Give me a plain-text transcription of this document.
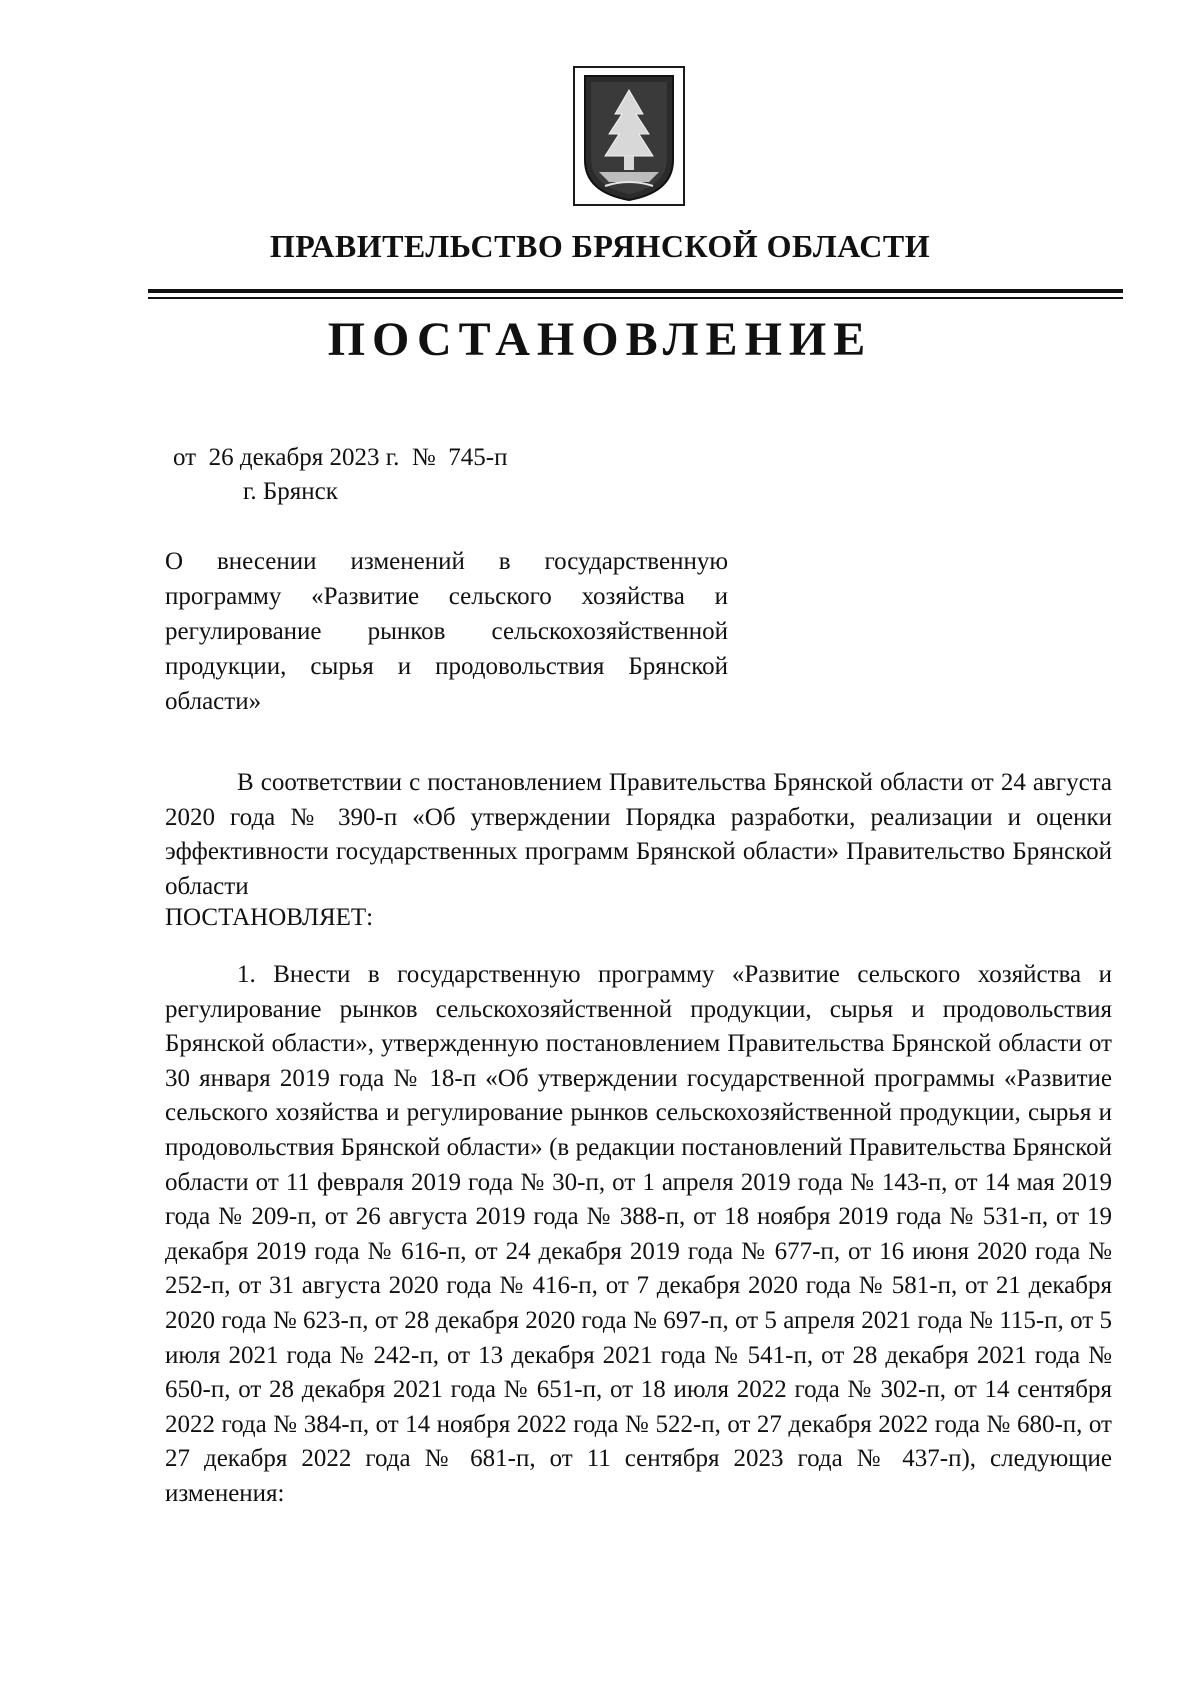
ПРАВИТЕЛЬСТВО БРЯНСКОЙ ОБЛАСТИ
ПОСТАНОВЛЕНИЕ
от  26 декабря 2023 г.  №  745-п
г. Брянск
О внесении изменений в государственную программу «Развитие сельского хозяйства и регулирование рынков сельскохозяйственной продукции, сырья и продовольствия Брянской области»
В соответствии с постановлением Правительства Брянской области от 24 августа 2020 года № 390-п «Об утверждении Порядка разработки, реализации и оценки эффективности государственных программ Брянской области» Правительство Брянской области
ПОСТАНОВЛЯЕТ:
1. Внести в государственную программу «Развитие сельского хозяйства и регулирование рынков сельскохозяйственной продукции, сырья и продовольствия Брянской области», утвержденную постановлением Правительства Брянской области от 30 января 2019 года № 18-п «Об утверждении государственной программы «Развитие сельского хозяйства и регулирование рынков сельскохозяйственной продукции, сырья и продовольствия Брянской области» (в редакции постановлений Правительства Брянской области от 11 февраля 2019 года № 30-п, от 1 апреля 2019 года № 143-п, от 14 мая 2019 года № 209-п, от 26 августа 2019 года № 388-п, от 18 ноября 2019 года № 531-п, от 19 декабря 2019 года № 616-п, от 24 декабря 2019 года № 677-п, от 16 июня 2020 года № 252-п, от 31 августа 2020 года № 416-п, от 7 декабря 2020 года № 581-п, от 21 декабря 2020 года № 623-п, от 28 декабря 2020 года № 697-п, от 5 апреля 2021 года № 115-п, от 5 июля 2021 года № 242-п, от 13 декабря 2021 года № 541-п, от 28 декабря 2021 года № 650-п, от 28 декабря 2021 года № 651-п, от 18 июля 2022 года № 302-п, от 14 сентября 2022 года № 384-п, от 14 ноября 2022 года № 522-п, от 27 декабря 2022 года № 680-п, от 27 декабря 2022 года № 681-п, от 11 сентября 2023 года № 437-п), следующие изменения:
